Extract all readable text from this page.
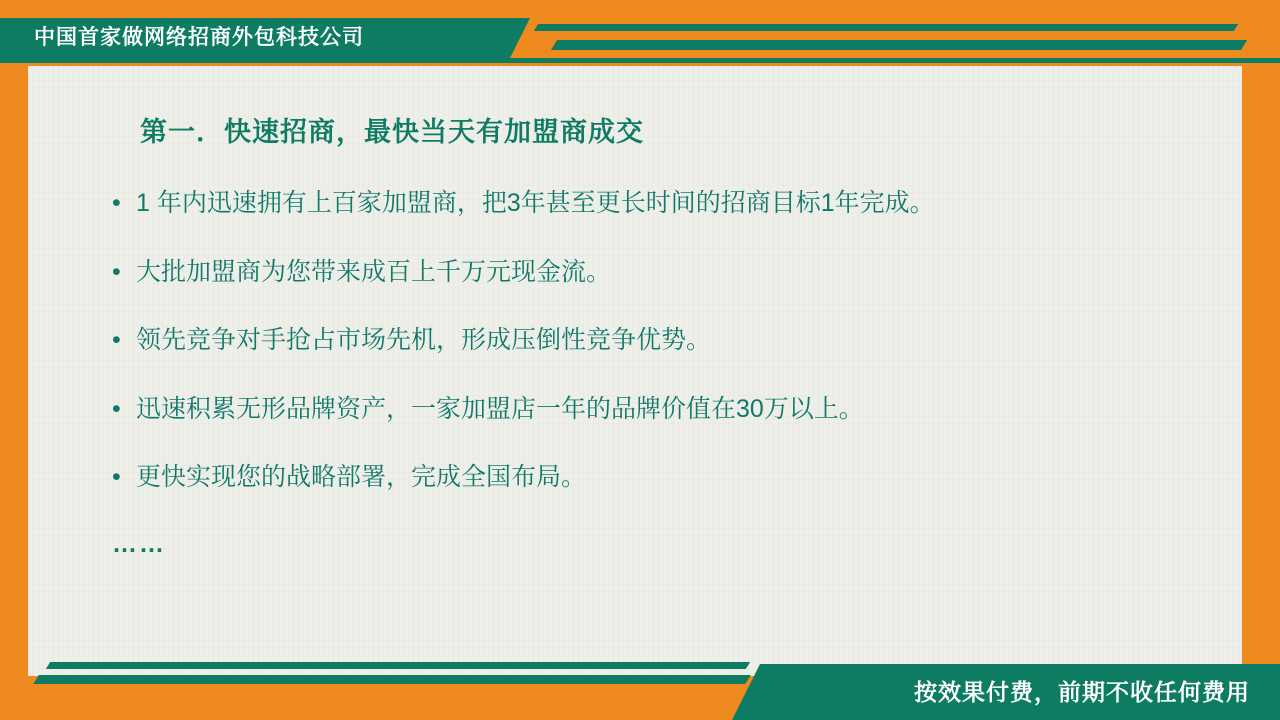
中国首家做网络招商外包科技公司
第一．快速招商，最快当天有加盟商成交
• 1 年内迅速拥有上百家加盟商，把3年甚至更长时间的招商目标1年完成。
• 大批加盟商为您带来成百上千万元现金流。
• 领先竞争对手抢占市场先机，形成压倒性竞争优势。
• 迅速积累无形品牌资产，一家加盟店一年的品牌价值在30万以上。
• 更快实现您的战略部署，完成全国布局。

……

按效果付费，前期不收任何费用
